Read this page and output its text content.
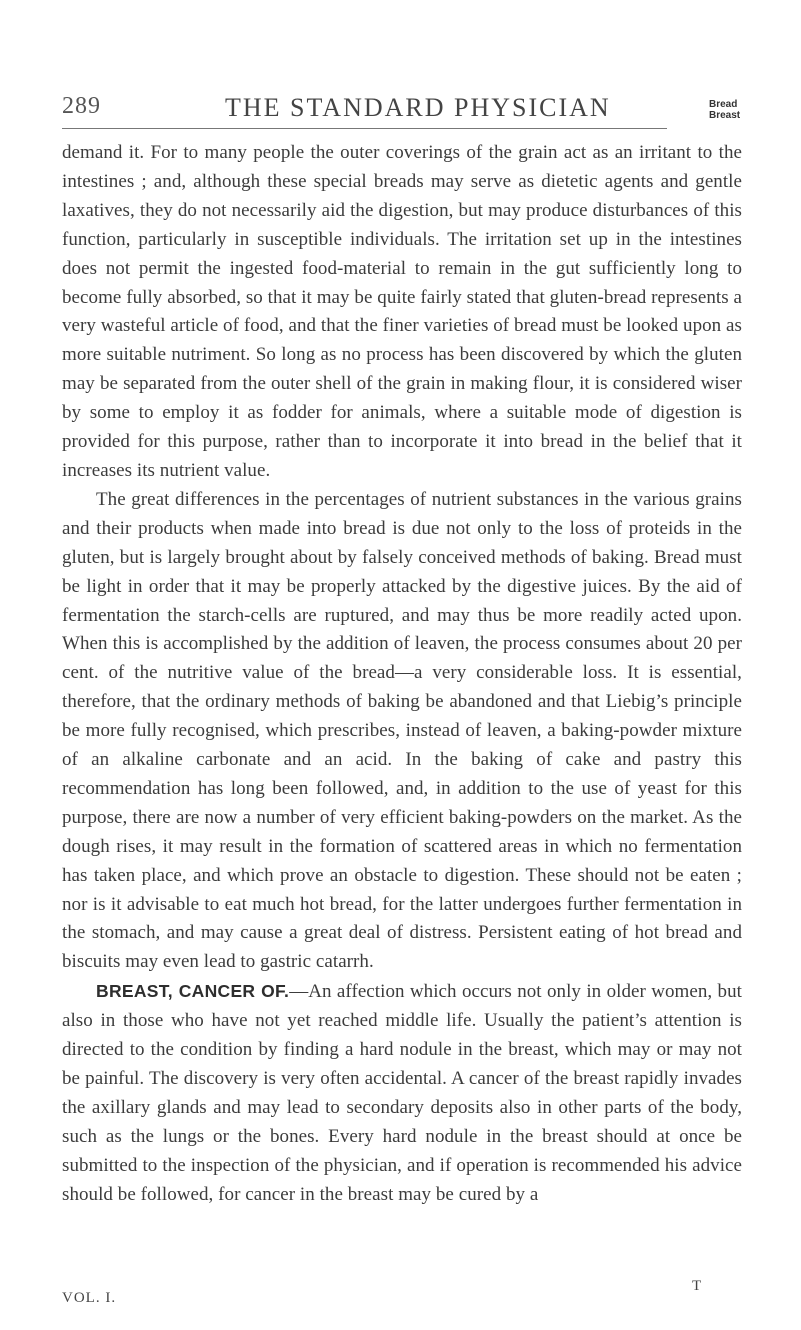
289	THE STANDARD PHYSICIAN	Bread
Breast

demand it. For to many people the outer coverings of the grain act as an irritant to the intestines ; and, although these special breads may serve as dietetic agents and gentle laxatives, they do not necessarily aid the digestion, but may produce disturbances of this function, particularly in susceptible individuals. The irritation set up in the intestines does not permit the ingested food-material to remain in the gut sufficiently long to become fully absorbed, so that it may be quite fairly stated that gluten-bread represents a very wasteful article of food, and that the finer varieties of bread must be looked upon as more suitable nutriment. So long as no process has been discovered by which the gluten may be separated from the outer shell of the grain in making flour, it is considered wiser by some to employ it as fodder for animals, where a suitable mode of digestion is provided for this purpose, rather than to incorporate it into bread in the belief that it increases its nutrient value.

The great differences in the percentages of nutrient substances in the various grains and their products when made into bread is due not only to the loss of proteids in the gluten, but is largely brought about by falsely conceived methods of baking. Bread must be light in order that it may be properly attacked by the digestive juices. By the aid of fermentation the starch-cells are ruptured, and may thus be more readily acted upon. When this is accomplished by the addition of leaven, the process consumes about 20 per cent. of the nutritive value of the bread—a very considerable loss. It is essential, therefore, that the ordinary methods of baking be abandoned and that Liebig’s principle be more fully recognised, which prescribes, instead of leaven, a baking-powder mixture of an alkaline carbonate and an acid. In the baking of cake and pastry this recommendation has long been followed, and, in addition to the use of yeast for this purpose, there are now a number of very efficient baking-powders on the market. As the dough rises, it may result in the formation of scattered areas in which no fermentation has taken place, and which prove an obstacle to digestion. These should not be eaten ; nor is it advisable to eat much hot bread, for the latter undergoes further fermentation in the stomach, and may cause a great deal of distress. Persistent eating of hot bread and biscuits may even lead to gastric catarrh.

BREAST, CANCER OF.—An affection which occurs not only in older women, but also in those who have not yet reached middle life. Usually the patient’s attention is directed to the condition by finding a hard nodule in the breast, which may or may not be painful. The discovery is very often accidental. A cancer of the breast rapidly invades the axillary glands and may lead to secondary deposits also in other parts of the body, such as the lungs or the bones. Every hard nodule in the breast should at once be submitted to the inspection of the physician, and if operation is recommended his advice should be followed, for cancer in the breast may be cured by a

VOL. I.
T
